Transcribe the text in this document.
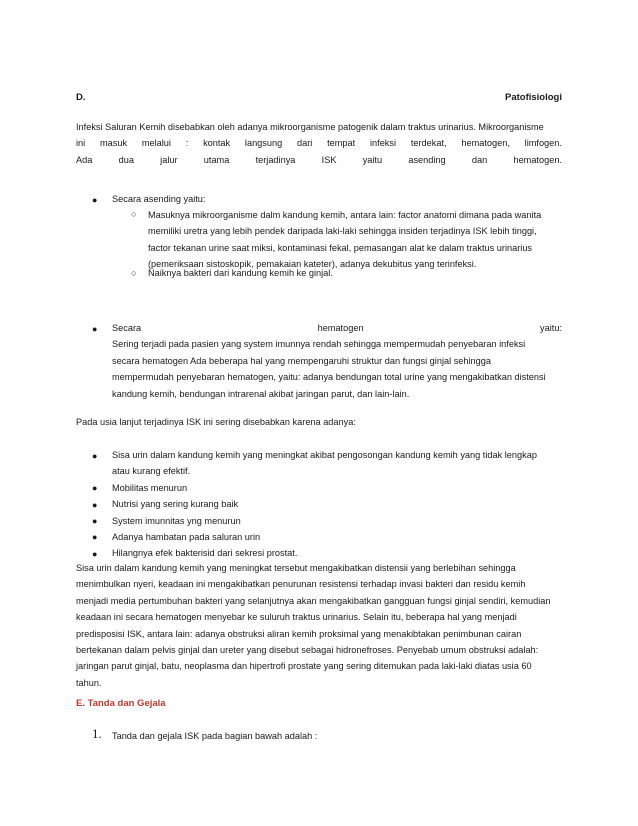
D.	Patofisiologi
Infeksi Saluran Kemih disebabkan oleh adanya mikroorganisme patogenik dalam traktus urinarius. Mikroorganisme
ini masuk melalui : kontak langsung dari tempat infeksi terdekat, hematogen, limfogen.
Ada	dua	jalur	utama	terjadinya	ISK	yaitu	asending	dan	hematogen.
● Secara asending yaitu:
○ Masuknya mikroorganisme dalm kandung kemih, antara lain: factor anatomi dimana pada wanita
memiliki uretra yang lebih pendek daripada laki-laki sehingga insiden terjadinya ISK lebih tinggi,
factor tekanan urine saat miksi, kontaminasi fekal, pemasangan alat ke dalam traktus urinarius
(pemeriksaan sistoskopik, pemakaian kateter), adanya dekubitus yang terinfeksi.
○ Naiknya bakteri dari kandung kemih ke ginjal.
● Secara	hematogen	yaitu:
Sering terjadi pada pasien yang system imunnya rendah sehingga mempermudah penyebaran infeksi
secara hematogen Ada beberapa hal yang mempengaruhi struktur dan fungsi ginjal sehingga
mempermudah penyebaran hematogen, yaitu: adanya bendungan total urine yang mengakibatkan distensi
kandung kemih, bendungan intrarenal akibat jaringan parut, dan lain-lain.
Pada usia lanjut terjadinya ISK ini sering disebabkan karena adanya:
●
●
●
●
●
●
Sisa urin dalam kandung kemih yang meningkat akibat pengosongan kandung kemih yang tidak lengkap
atau kurang efektif.
Mobilitas menurun
Nutrisi yang sering kurang baik
System imunnitas yng menurun
Adanya hambatan pada saluran urin
Hilangnya efek bakterisid dari sekresi prostat.
Sisa urin dalam kandung kemih yang meningkat tersebut mengakibatkan distensii yang berlebihan sehingga
menimbulkan nyeri, keadaan ini mengakibatkan penurunan resistensi terhadap invasi bakteri dan residu kemih
menjadi media pertumbuhan bakteri yang selanjutnya akan mengakibatkan gangguan fungsi ginjal sendiri, kemudian
keadaan ini secara hematogen menyebar ke suluruh traktus urinarius. Selain itu, beberapa hal yang menjadi
predisposisi ISK, antara lain: adanya obstruksi aliran kemih proksimal yang menakibtakan penimbunan cairan
bertekanan dalam pelvis ginjal dan ureter yang disebut sebagai hidronefroses. Penyebab umum obstruksi adalah:
jaringan parut ginjal, batu, neoplasma dan hipertrofi prostate yang sering ditemukan pada laki-laki diatas usia 60
tahun.
E. Tanda dan Gejala
1. Tanda dan gejala ISK pada bagian bawah adalah :
